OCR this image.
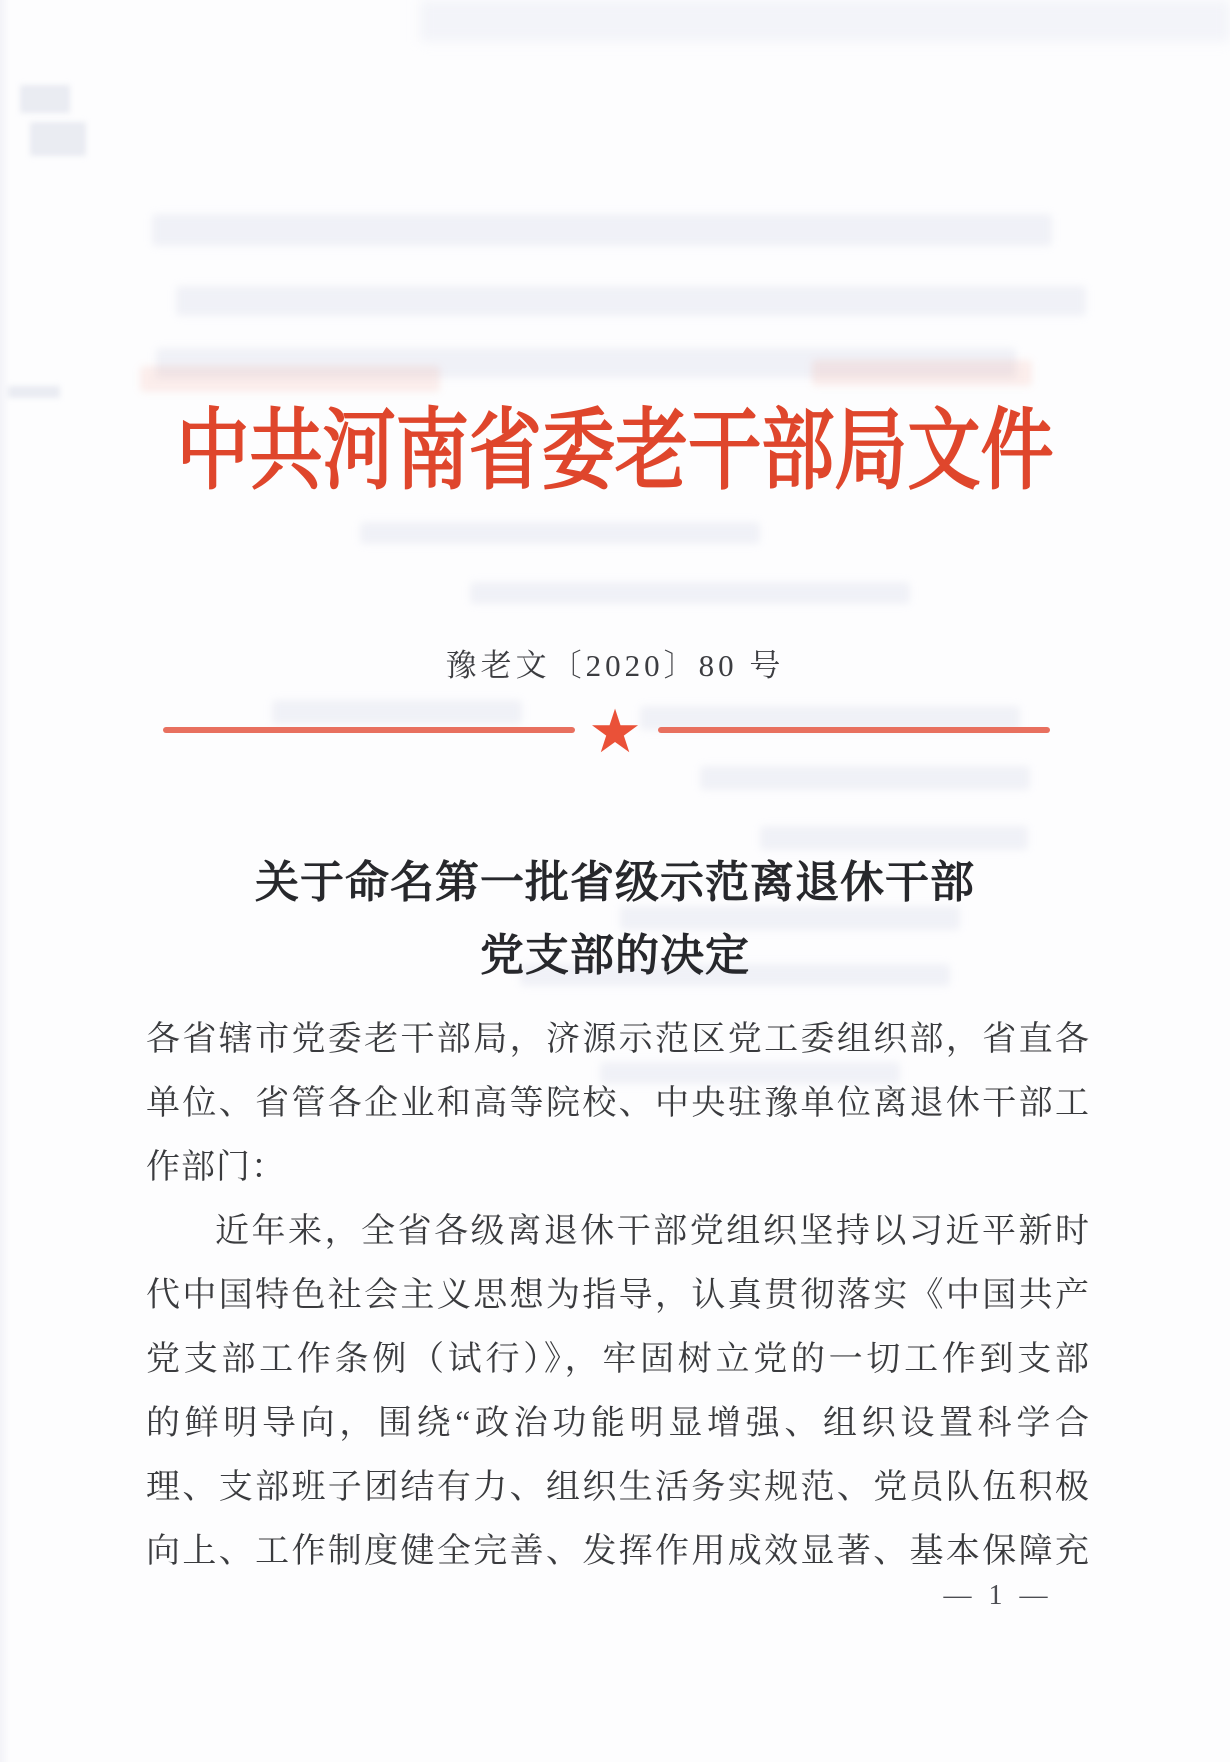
中共河南省委老干部局文件
豫老文〔2020〕80 号
★
关于命名第一批省级示范离退休干部
党支部的决定
各省辖市党委老干部局，济源示范区党工委组织部，省直各
单位、省管各企业和高等院校、中央驻豫单位离退休干部工
作部门：
近年来，全省各级离退休干部党组织坚持以习近平新时
代中国特色社会主义思想为指导，认真贯彻落实《中国共产
党支部工作条例（试行）》，牢固树立党的一切工作到支部
的鲜明导向，围绕“政治功能明显增强、组织设置科学合
理、支部班子团结有力、组织生活务实规范、党员队伍积极
向上、工作制度健全完善、发挥作用成效显著、基本保障充
— 1 —
